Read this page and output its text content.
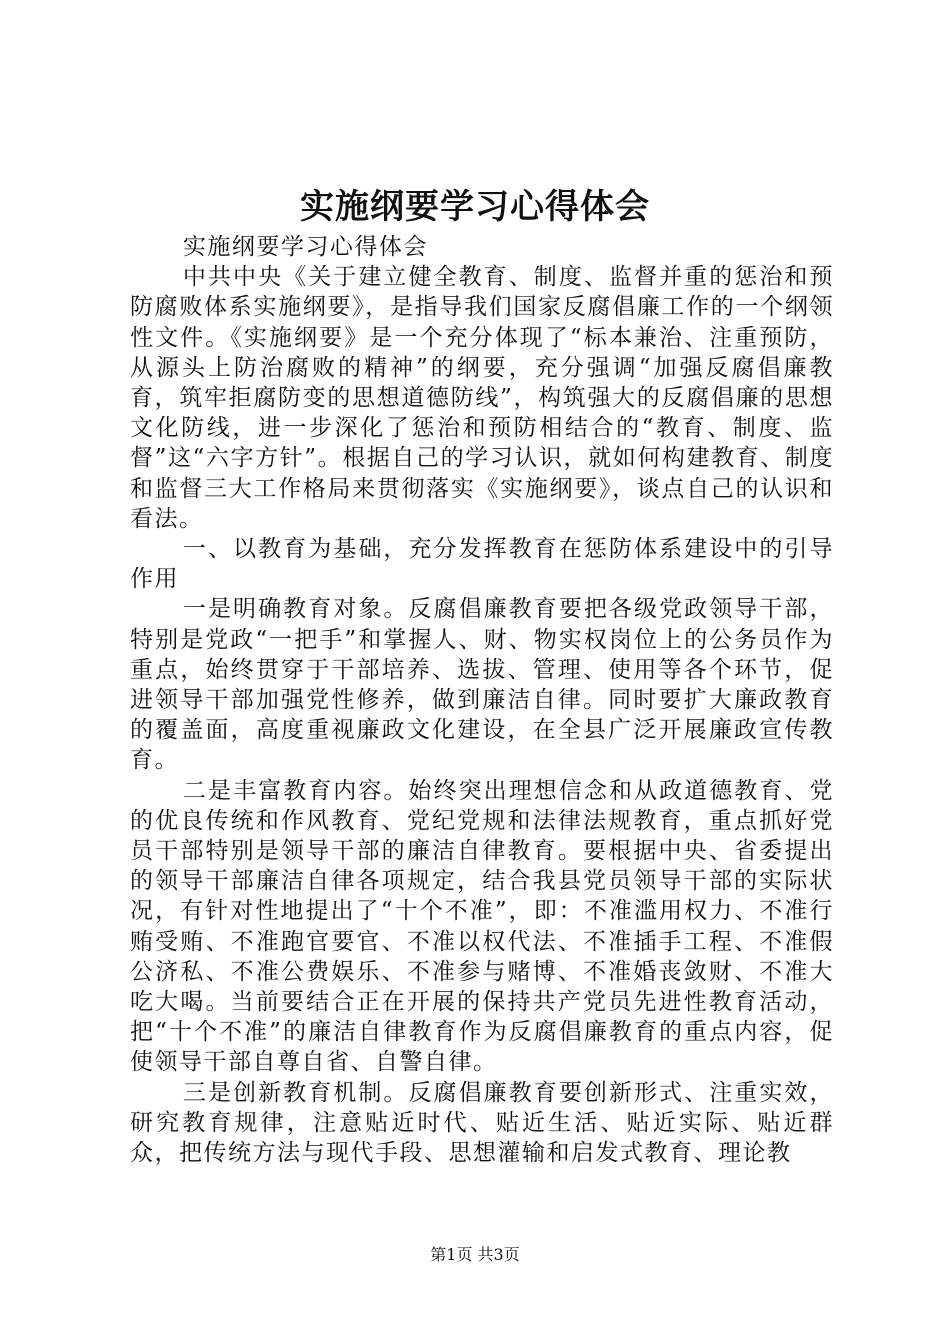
实施纲要学习心得体会

实施纲要学习心得体会

中共中央《关于建立健全教育、制度、监督并重的惩治和预防腐败体系实施纲要》，是指导我们国家反腐倡廉工作的一个纲领性文件。《实施纲要》是一个充分体现了“标本兼治、注重预防，从源头上防治腐败的精神”的纲要，充分强调“加强反腐倡廉教育，筑牢拒腐防变的思想道德防线”，构筑强大的反腐倡廉的思想文化防线，进一步深化了惩治和预防相结合的“教育、制度、监督”这“六字方针”。根据自己的学习认识，就如何构建教育、制度和监督三大工作格局来贯彻落实《实施纲要》，谈点自己的认识和看法。

一、以教育为基础，充分发挥教育在惩防体系建设中的引导作用

一是明确教育对象。反腐倡廉教育要把各级党政领导干部，特别是党政“一把手”和掌握人、财、物实权岗位上的公务员作为重点，始终贯穿于干部培养、选拔、管理、使用等各个环节，促进领导干部加强党性修养，做到廉洁自律。同时要扩大廉政教育的覆盖面，高度重视廉政文化建设，在全县广泛开展廉政宣传教育。

二是丰富教育内容。始终突出理想信念和从政道德教育、党的优良传统和作风教育、党纪党规和法律法规教育，重点抓好党员干部特别是领导干部的廉洁自律教育。要根据中央、省委提出的领导干部廉洁自律各项规定，结合我县党员领导干部的实际状况，有针对性地提出了“十个不准”，即：不准滥用权力、不准行贿受贿、不准跑官要官、不准以权代法、不准插手工程、不准假公济私、不准公费娱乐、不准参与赌博、不准婚丧敛财、不准大吃大喝。当前要结合正在开展的保持共产党员先进性教育活动，把“十个不准”的廉洁自律教育作为反腐倡廉教育的重点内容，促使领导干部自尊自省、自警自律。

三是创新教育机制。反腐倡廉教育要创新形式、注重实效，研究教育规律，注意贴近时代、贴近生活、贴近实际、贴近群众，把传统方法与现代手段、思想灌输和启发式教育、理论教

第1页 共3页
